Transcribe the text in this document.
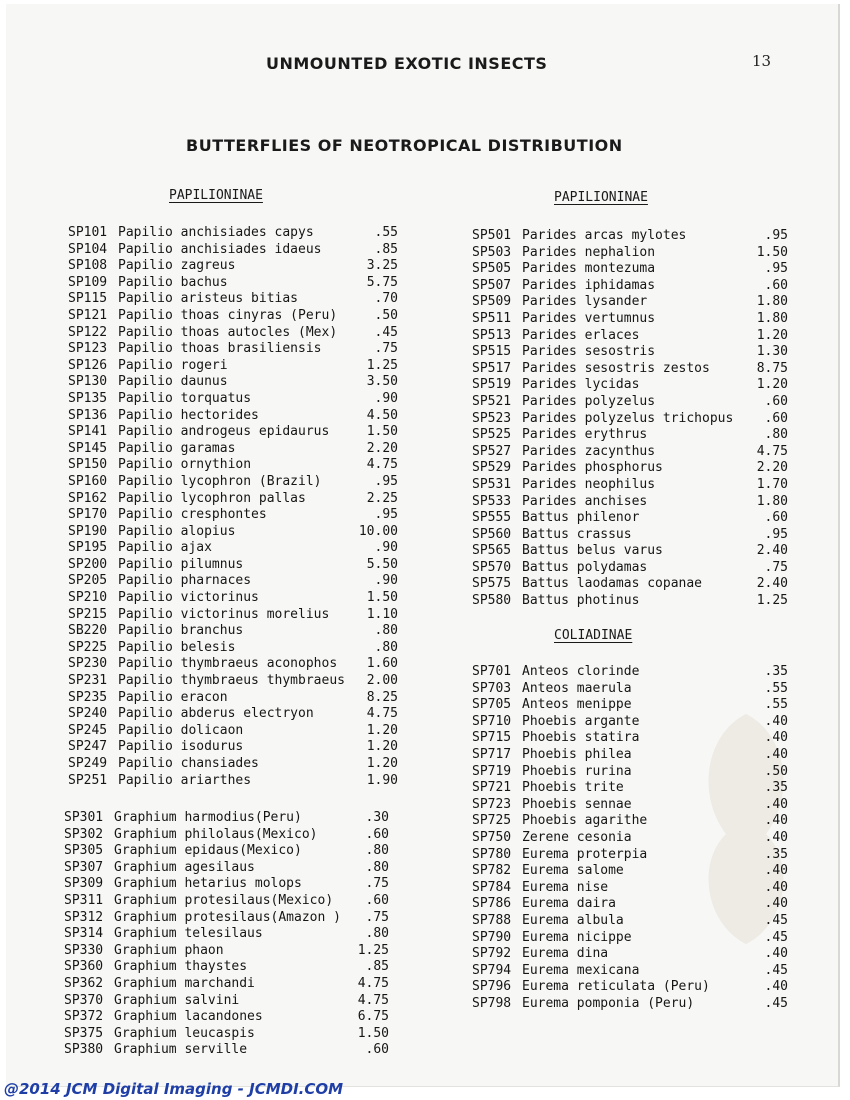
UNMOUNTED EXOTIC INSECTS	13
BUTTERFLIES OF NEOTROPICAL DISTRIBUTION
PAPILIONINAE	PAPILIONINAE
COLIADINAE
SP101 Papilio anchisiades capys	.55
SP104 Papilio anchisiades idaeus	.85
SP108 Papilio zagreus	3.25
SP109 Papilio bachus	5.75
SP115 Papilio aristeus bitias	.70
SP121 Papilio thoas cinyras (Peru)	.50
SP122 Papilio thoas autocles (Mex)	.45
SP123 Papilio thoas brasiliensis	.75
SP126 Papilio rogeri	1.25
SP130 Papilio daunus	3.50
SP135 Papilio torquatus	.90
SP136 Papilio hectorides	4.50
SP141 Papilio androgeus epidaurus	1.50
SP145 Papilio garamas	2.20
SP150 Papilio ornythion	4.75
SP160 Papilio lycophron (Brazil)	.95
SP162 Papilio lycophron pallas	2.25
SP170 Papilio cresphontes	.95
SP190 Papilio alopius	10.00
SP195 Papilio ajax	.90
SP200 Papilio pilumnus	5.50
SP205 Papilio pharnaces	.90
SP210 Papilio victorinus	1.50
SP215 Papilio victorinus morelius	1.10
SB220 Papilio branchus	.80
SP225 Papilio belesis	.80
SP230 Papilio thymbraeus aconophos 1.60
SP231 Papilio thymbraeus thymbraeus 2.00
SP235 Papilio eracon	8.25
SP240 Papilio abderus electryon	4.75
SP245 Papilio dolicaon	1.20
SP247 Papilio isodurus	1.20
SP249 Papilio chansiades	1.20
SP251 Papilio ariarthes	1.90
SP301 Graphium harmodius(Peru)	.30
SP302 Graphium philolaus(Mexico)	.60
SP305 Graphium epidaus(Mexico)	.80
SP307 Graphium agesilaus	.80
SP309 Graphium hetarius molops	.75
SP311 Graphium protesilaus(Mexico) .60
SP312 Graphium protesilaus(Amazon ) .75
SP314 Graphium telesilaus	.80
SP330 Graphium phaon	1.25
SP360 Graphium thaystes	.85
SP362 Graphium marchandi	4.75
SP370 Graphium salvini	4.75
SP372 Graphium lacandones	6.75
SP375 Graphium leucaspis	1.50
SP380 Graphium serville	.60
SP501 Parides arcas mylotes	.95
SP503 Parides nephalion	1.50
SP505 Parides montezuma	.95
SP507 Parides iphidamas	.60
SP509 Parides lysander	1.80
SP511 Parides vertumnus	1.80
SP513 Parides erlaces	1.20
SP515 Parides sesostris	1.30
SP517 Parides sesostris zestos	8.75
SP519 Parides lycidas	1.20
SP521 Parides polyzelus	.60
SP523 Parides polyzelus trichopus .60
SP525 Parides erythrus	.80
SP527 Parides zacynthus	4.75
SP529 Parides phosphorus	2.20
SP531 Parides neophilus	1.70
SP533 Parides anchises	1.80
SP555 Battus philenor	.60
SP560 Battus crassus	.95
SP565 Battus belus varus	2.40
SP570 Battus polydamas	.75
SP575 Battus laodamas copanae	2.40
SP580 Battus photinus	1.25
SP701 Anteos clorinde	.35
SP703 Anteos maerula	.55
SP705 Anteos menippe	.55
SP710 Phoebis argante	.40
SP715 Phoebis statira	.40
SP717 Phoebis philea	.40
SP719 Phoebis rurina	.50
SP721 Phoebis trite	.35
SP723 Phoebis sennae	.40
SP725 Phoebis agarithe	.40
SP750 Zerene cesonia	.40
SP780 Eurema proterpia	.35
SP782 Eurema salome	.40
SP784 Eurema nise	.40
SP786 Eurema daira	.40
SP788 Eurema albula	.45
SP790 Eurema nicippe	.45
SP792 Eurema dina	.40
SP794 Eurema mexicana	.45
SP796 Eurema reticulata (Peru)	.40
SP798 Eurema pomponia (Peru)	.45
@2014 JCM Digital Imaging - JCMDI.COM
